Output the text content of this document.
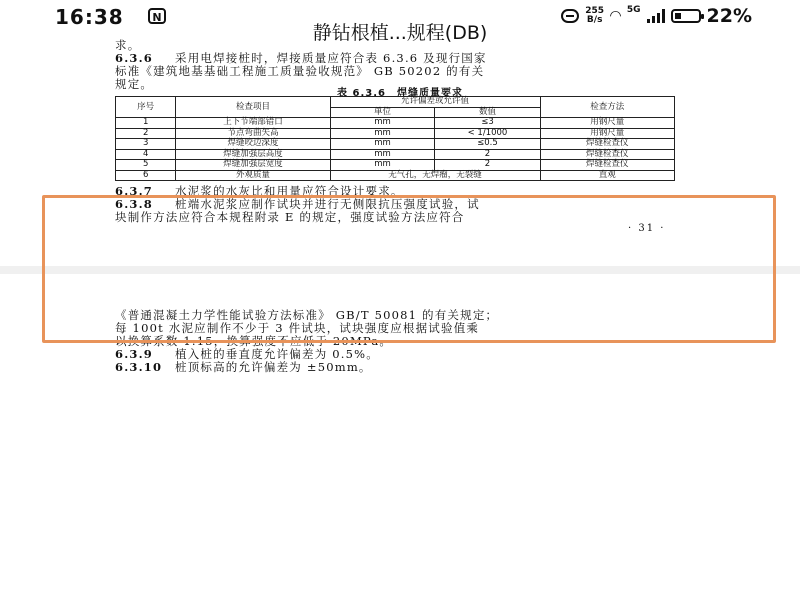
16:38	N	255
B/s ◠ 5G	22%
静钻根植...规程(DB)
求。
6.3.6 采用电焊接桩时，焊接质量应符合表 6.3.6 及现行国家
标准《建筑地基基础工程施工质量验收规范》 GB 50202 的有关
规定。
表 6.3.6　焊缝质量要求
序号	检查项目	允许偏差或允许值		检查方法
		单位	数值	
1	上下节端部错口	mm	≤3	用钢尺量
2	节点弯曲矢高	mm	< 1/1000	用钢尺量
3	焊缝咬边深度	mm	≤0.5	焊缝检查仪
4	焊缝加强层高度	mm	2	焊缝检查仪
5	焊缝加强层宽度	mm	2	焊缝检查仪
6	外观质量	无气孔，无焊瘤，无裂缝		直观
6.3.7 水泥浆的水灰比和用量应符合设计要求。
6.3.8 桩端水泥浆应制作试块并进行无侧限抗压强度试验，试
块制作方法应符合本规程附录 E 的规定，强度试验方法应符合
· 31 ·
《普通混凝土力学性能试验方法标准》 GB/T 50081 的有关规定；
每 100t 水泥应制作不少于 3 件试块，试块强度应根据试验值乘
以换算系数 1.15，换算强度不应低于 20MPa。
6.3.9 植入桩的垂直度允许偏差为 0.5%。
6.3.10 桩顶标高的允许偏差为 ±50mm。
